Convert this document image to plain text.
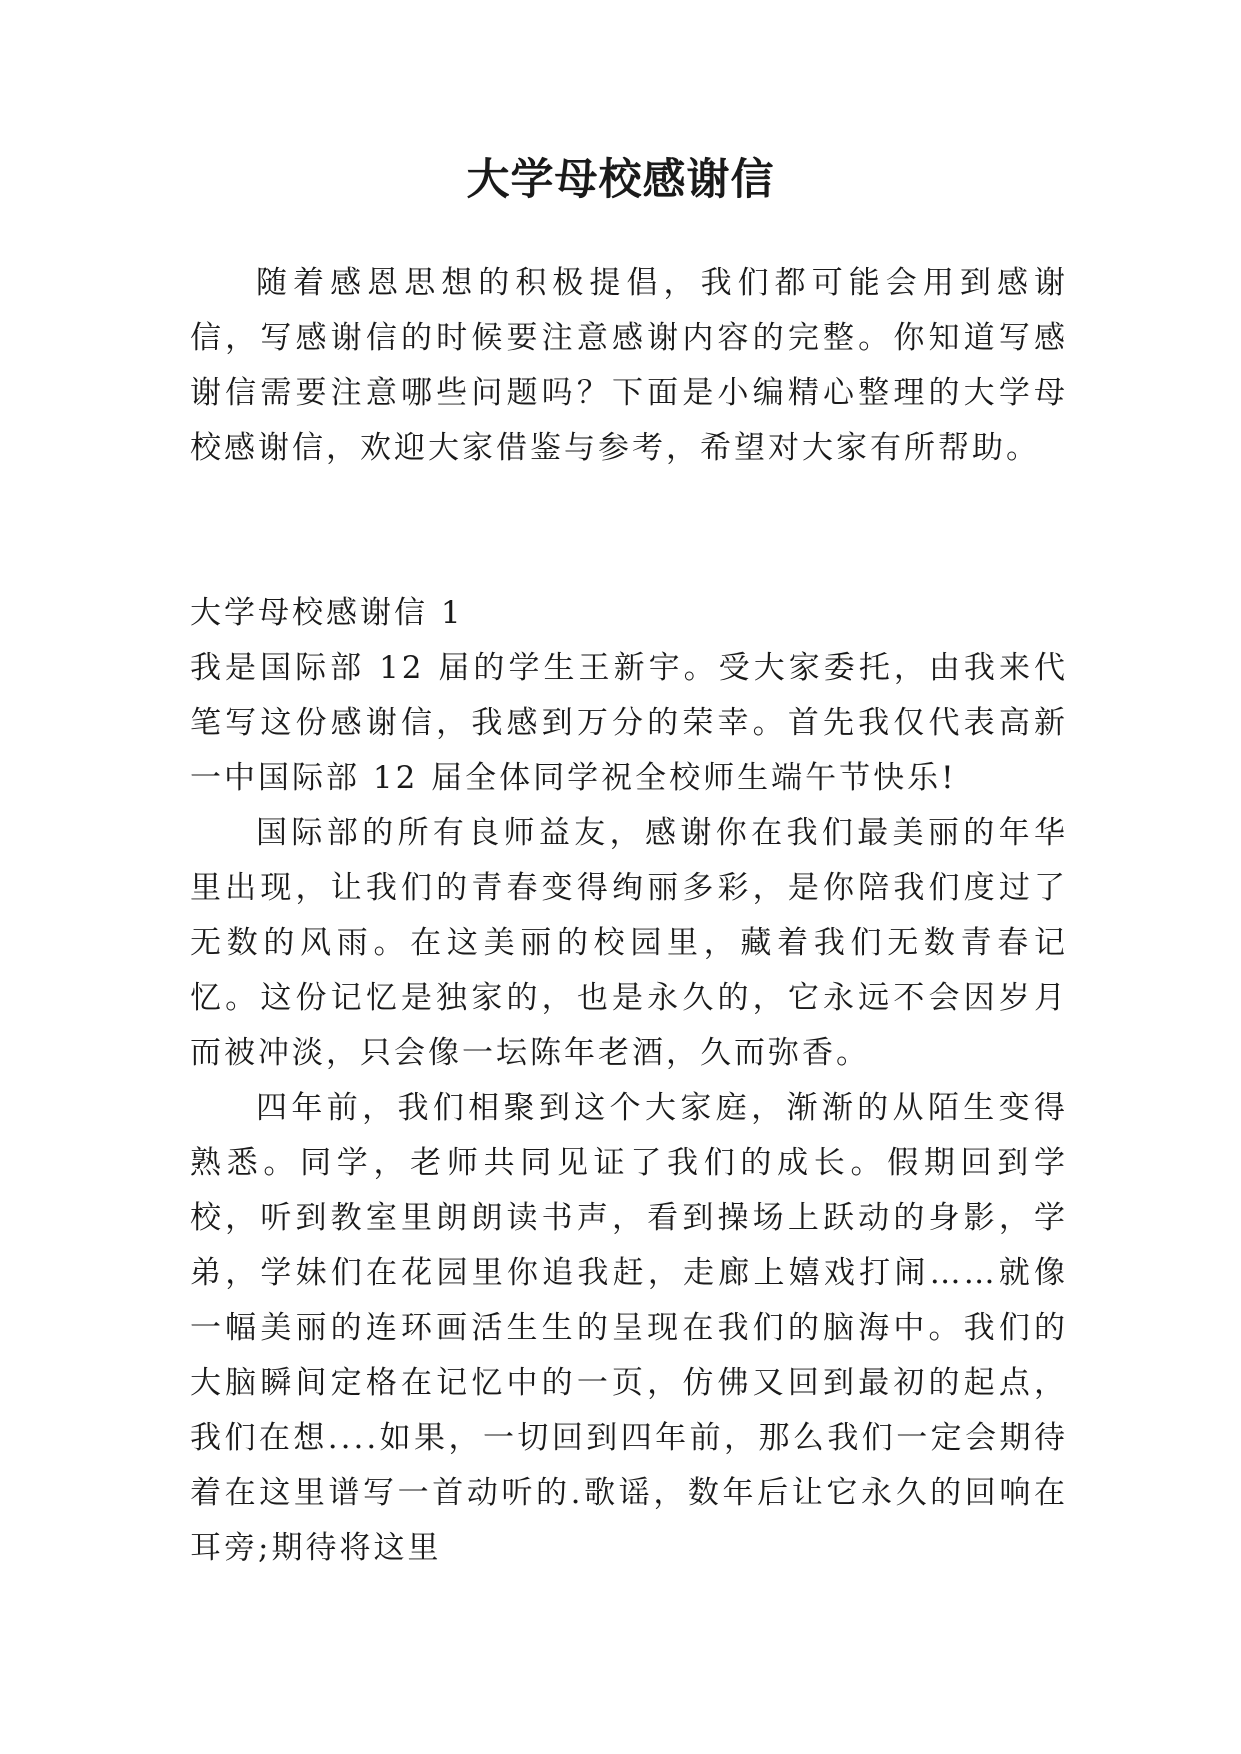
大学母校感谢信

随着感恩思想的积极提倡，我们都可能会用到感谢信，写感谢信的时候要注意感谢内容的完整。你知道写感谢信需要注意哪些问题吗？下面是小编精心整理的大学母校感谢信，欢迎大家借鉴与参考，希望对大家有所帮助。

大学母校感谢信 1

我是国际部 12 届的学生王新宇。受大家委托，由我来代笔写这份感谢信，我感到万分的荣幸。首先我仅代表高新一中国际部 12 届全体同学祝全校师生端午节快乐!

国际部的所有良师益友，感谢你在我们最美丽的年华里出现，让我们的青春变得绚丽多彩，是你陪我们度过了无数的风雨。在这美丽的校园里，藏着我们无数青春记忆。这份记忆是独家的，也是永久的，它永远不会因岁月而被冲淡，只会像一坛陈年老酒，久而弥香。

四年前，我们相聚到这个大家庭，渐渐的从陌生变得熟悉。同学，老师共同见证了我们的成长。假期回到学校，听到教室里朗朗读书声，看到操场上跃动的身影，学弟，学妹们在花园里你追我赶，走廊上嬉戏打闹……就像一幅美丽的连环画活生生的呈现在我们的脑海中。我们的大脑瞬间定格在记忆中的一页，仿佛又回到最初的起点，我们在想....如果，一切回到四年前，那么我们一定会期待着在这里谱写一首动听的.歌谣，数年后让它永久的回响在耳旁;期待将这里
